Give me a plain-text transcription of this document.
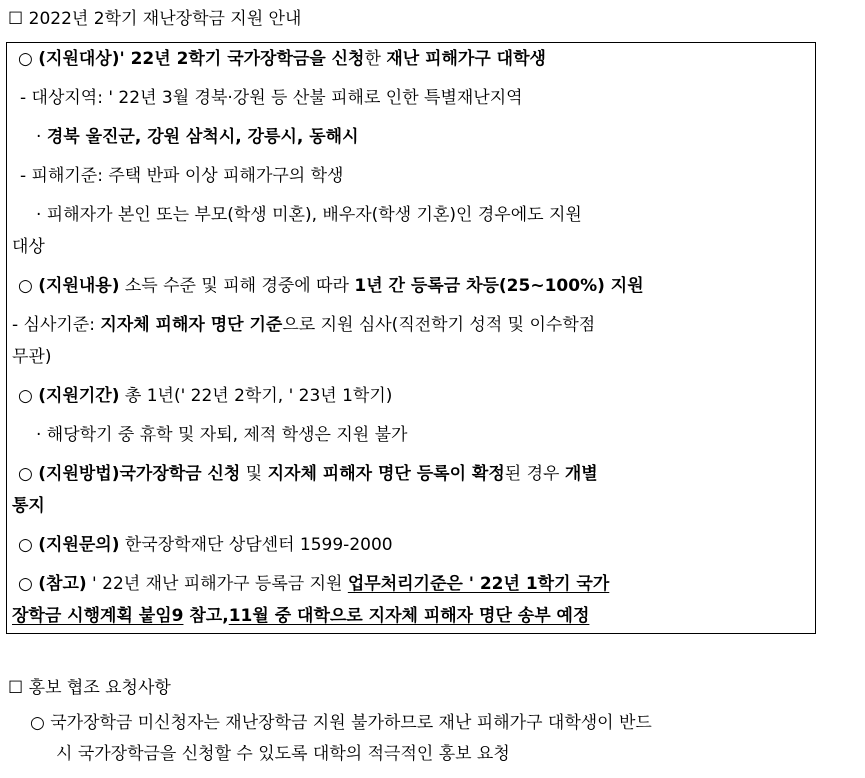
☐ 2022년 2학기 재난장학금 지원 안내
○ (지원대상)' 22년 2학기 국가장학금을 신청한 재난 피해가구 대학생
- 대상지역: ' 22년 3월 경북·강원 등 산불 피해로 인한 특별재난지역
· 경북 울진군, 강원 삼척시, 강릉시, 동해시
- 피해기준: 주택 반파 이상 피해가구의 학생
· 피해자가 본인 또는 부모(학생 미혼), 배우자(학생 기혼)인 경우에도 지원
대상
○ (지원내용) 소득 수준 및 피해 경중에 따라 1년 간 등록금 차등(25~100%) 지원
- 심사기준: 지자체 피해자 명단 기준으로 지원 심사(직전학기 성적 및 이수학점
무관)
○ (지원기간) 총 1년(' 22년 2학기, ' 23년 1학기)
· 해당학기 중 휴학 및 자퇴, 제적 학생은 지원 불가
○ (지원방법)국가장학금 신청 및 지자체 피해자 명단 등록이 확정된 경우 개별
통지
○ (지원문의) 한국장학재단 상담센터 1599-2000
○ (참고) ' 22년 재난 피해가구 등록금 지원 업무처리기준은 ' 22년 1학기 국가
장학금 시행계획 붙임9 참고,11월 중 대학으로 지자체 피해자 명단 송부 예정
☐ 홍보 협조 요청사항
○ 국가장학금 미신청자는 재난장학금 지원 불가하므로 재난 피해가구 대학생이 반드
시 국가장학금을 신청할 수 있도록 대학의 적극적인 홍보 요청
